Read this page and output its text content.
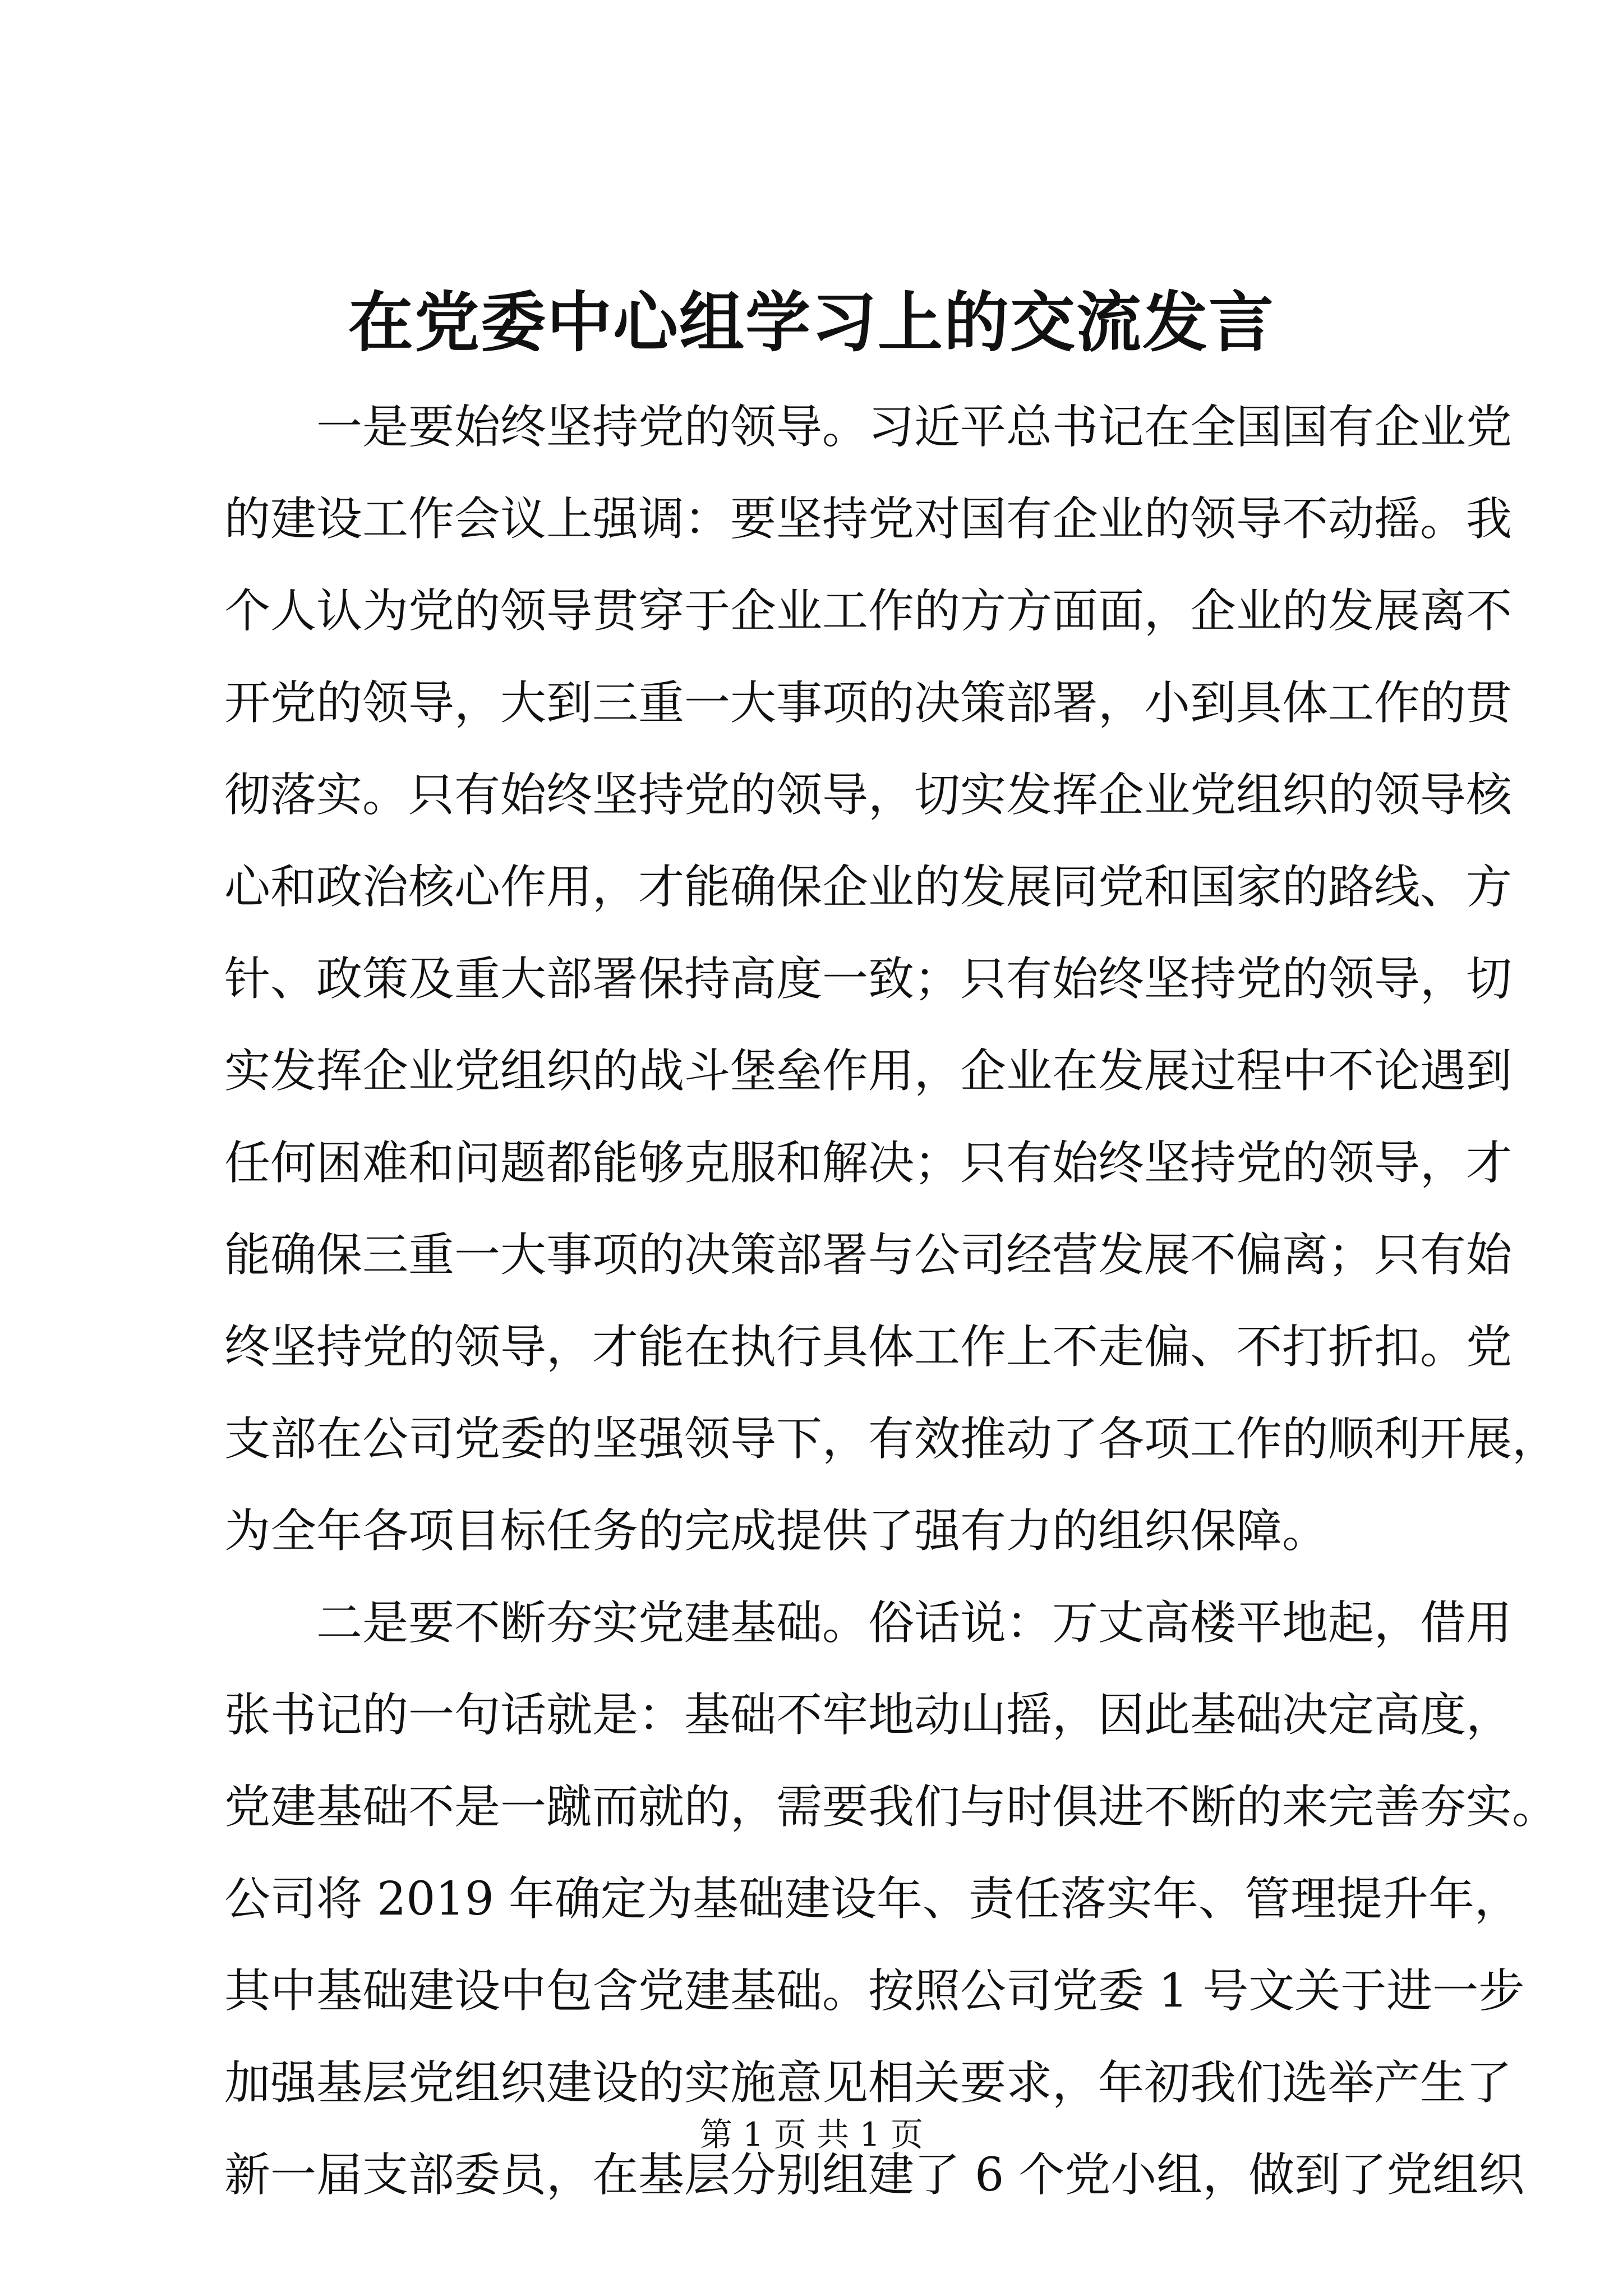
在党委中心组学习上的交流发言
一是要始终坚持党的领导。习近平总书记在全国国有企业党
的建设工作会议上强调：要坚持党对国有企业的领导不动摇。我
个人认为党的领导贯穿于企业工作的方方面面，企业的发展离不
开党的领导，大到三重一大事项的决策部署，小到具体工作的贯
彻落实。只有始终坚持党的领导，切实发挥企业党组织的领导核
心和政治核心作用，才能确保企业的发展同党和国家的路线、方
针、政策及重大部署保持高度一致；只有始终坚持党的领导，切
实发挥企业党组织的战斗堡垒作用，企业在发展过程中不论遇到
任何困难和问题都能够克服和解决；只有始终坚持党的领导，才
能确保三重一大事项的决策部署与公司经营发展不偏离；只有始
终坚持党的领导，才能在执行具体工作上不走偏、不打折扣。党
支部在公司党委的坚强领导下，有效推动了各项工作的顺利开展，
为全年各项目标任务的完成提供了强有力的组织保障。
二是要不断夯实党建基础。俗话说：万丈高楼平地起，借用
张书记的一句话就是：基础不牢地动山摇，因此基础决定高度，
党建基础不是一蹴而就的，需要我们与时俱进不断的来完善夯实。
公司将 2019 年确定为基础建设年、责任落实年、管理提升年，
其中基础建设中包含党建基础。按照公司党委 1 号文关于进一步
加强基层党组织建设的实施意见相关要求，年初我们选举产生了
新一届支部委员，在基层分别组建了 6 个党小组，做到了党组织
第 1 页 共 1 页
